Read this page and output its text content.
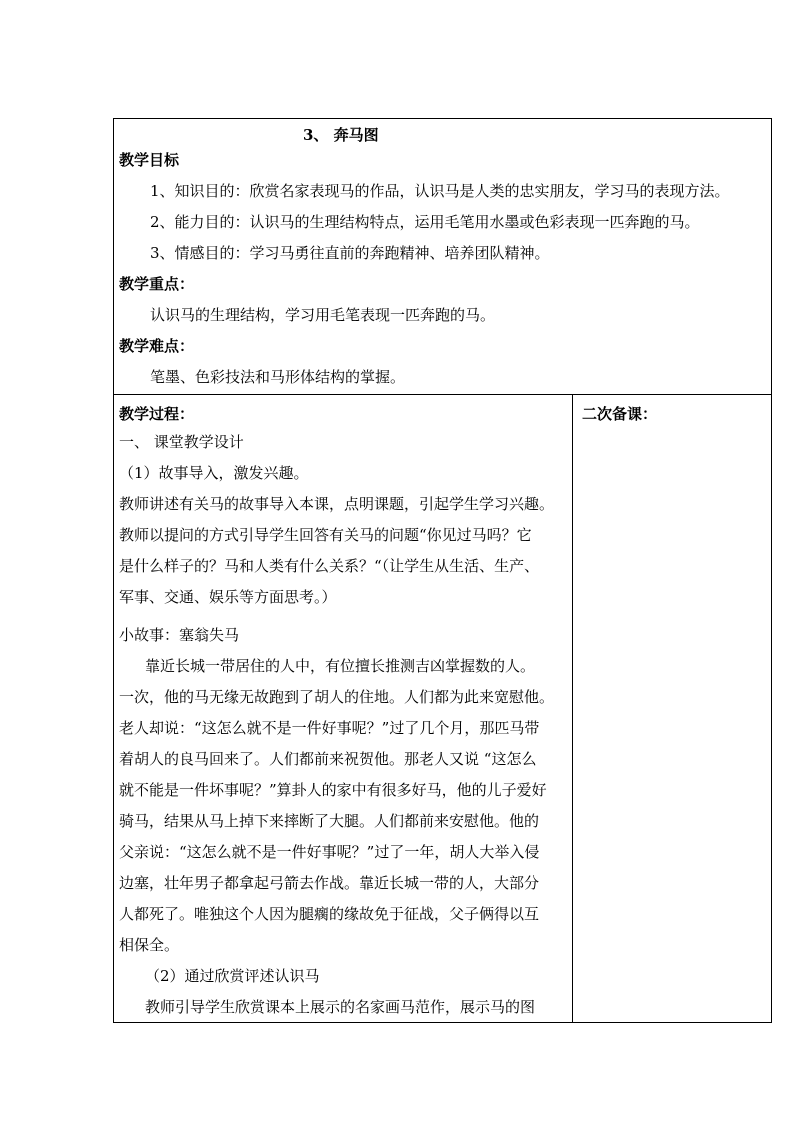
3、 奔马图
教学目标
1、知识目的：欣赏名家表现马的作品，认识马是人类的忠实朋友，学习马的表现方法。
2、能力目的：认识马的生理结构特点，运用毛笔用水墨或色彩表现一匹奔跑的马。
3、情感目的：学习马勇往直前的奔跑精神、培养团队精神。
教学重点：
认识马的生理结构，学习用毛笔表现一匹奔跑的马。
教学难点：
笔墨、色彩技法和马形体结构的掌握。
教学过程：
一、 课堂教学设计
（1）故事导入，激发兴趣。
教师讲述有关马的故事导入本课，点明课题，引起学生学习兴趣。
教师以提问的方式引导学生回答有关马的问题“你见过马吗？它
是什么样子的？马和人类有什么关系？“（让学生从生活、生产、
军事、交通、娱乐等方面思考。）
小故事：塞翁失马
靠近长城一带居住的人中，有位擅长推测吉凶掌握数的人。
一次，他的马无缘无故跑到了胡人的住地。人们都为此来宽慰他。
老人却说：“这怎么就不是一件好事呢？”过了几个月，那匹马带
着胡人的良马回来了。人们都前来祝贺他。那老人又说 “这怎么
就不能是一件坏事呢？”算卦人的家中有很多好马，他的儿子爱好
骑马，结果从马上掉下来摔断了大腿。人们都前来安慰他。他的
父亲说：“这怎么就不是一件好事呢？”过了一年，胡人大举入侵
边塞，壮年男子都拿起弓箭去作战。靠近长城一带的人，大部分
人都死了。唯独这个人因为腿瘸的缘故免于征战，父子俩得以互
相保全。
（2）通过欣赏评述认识马
教师引导学生欣赏课本上展示的名家画马范作，展示马的图
二次备课：
